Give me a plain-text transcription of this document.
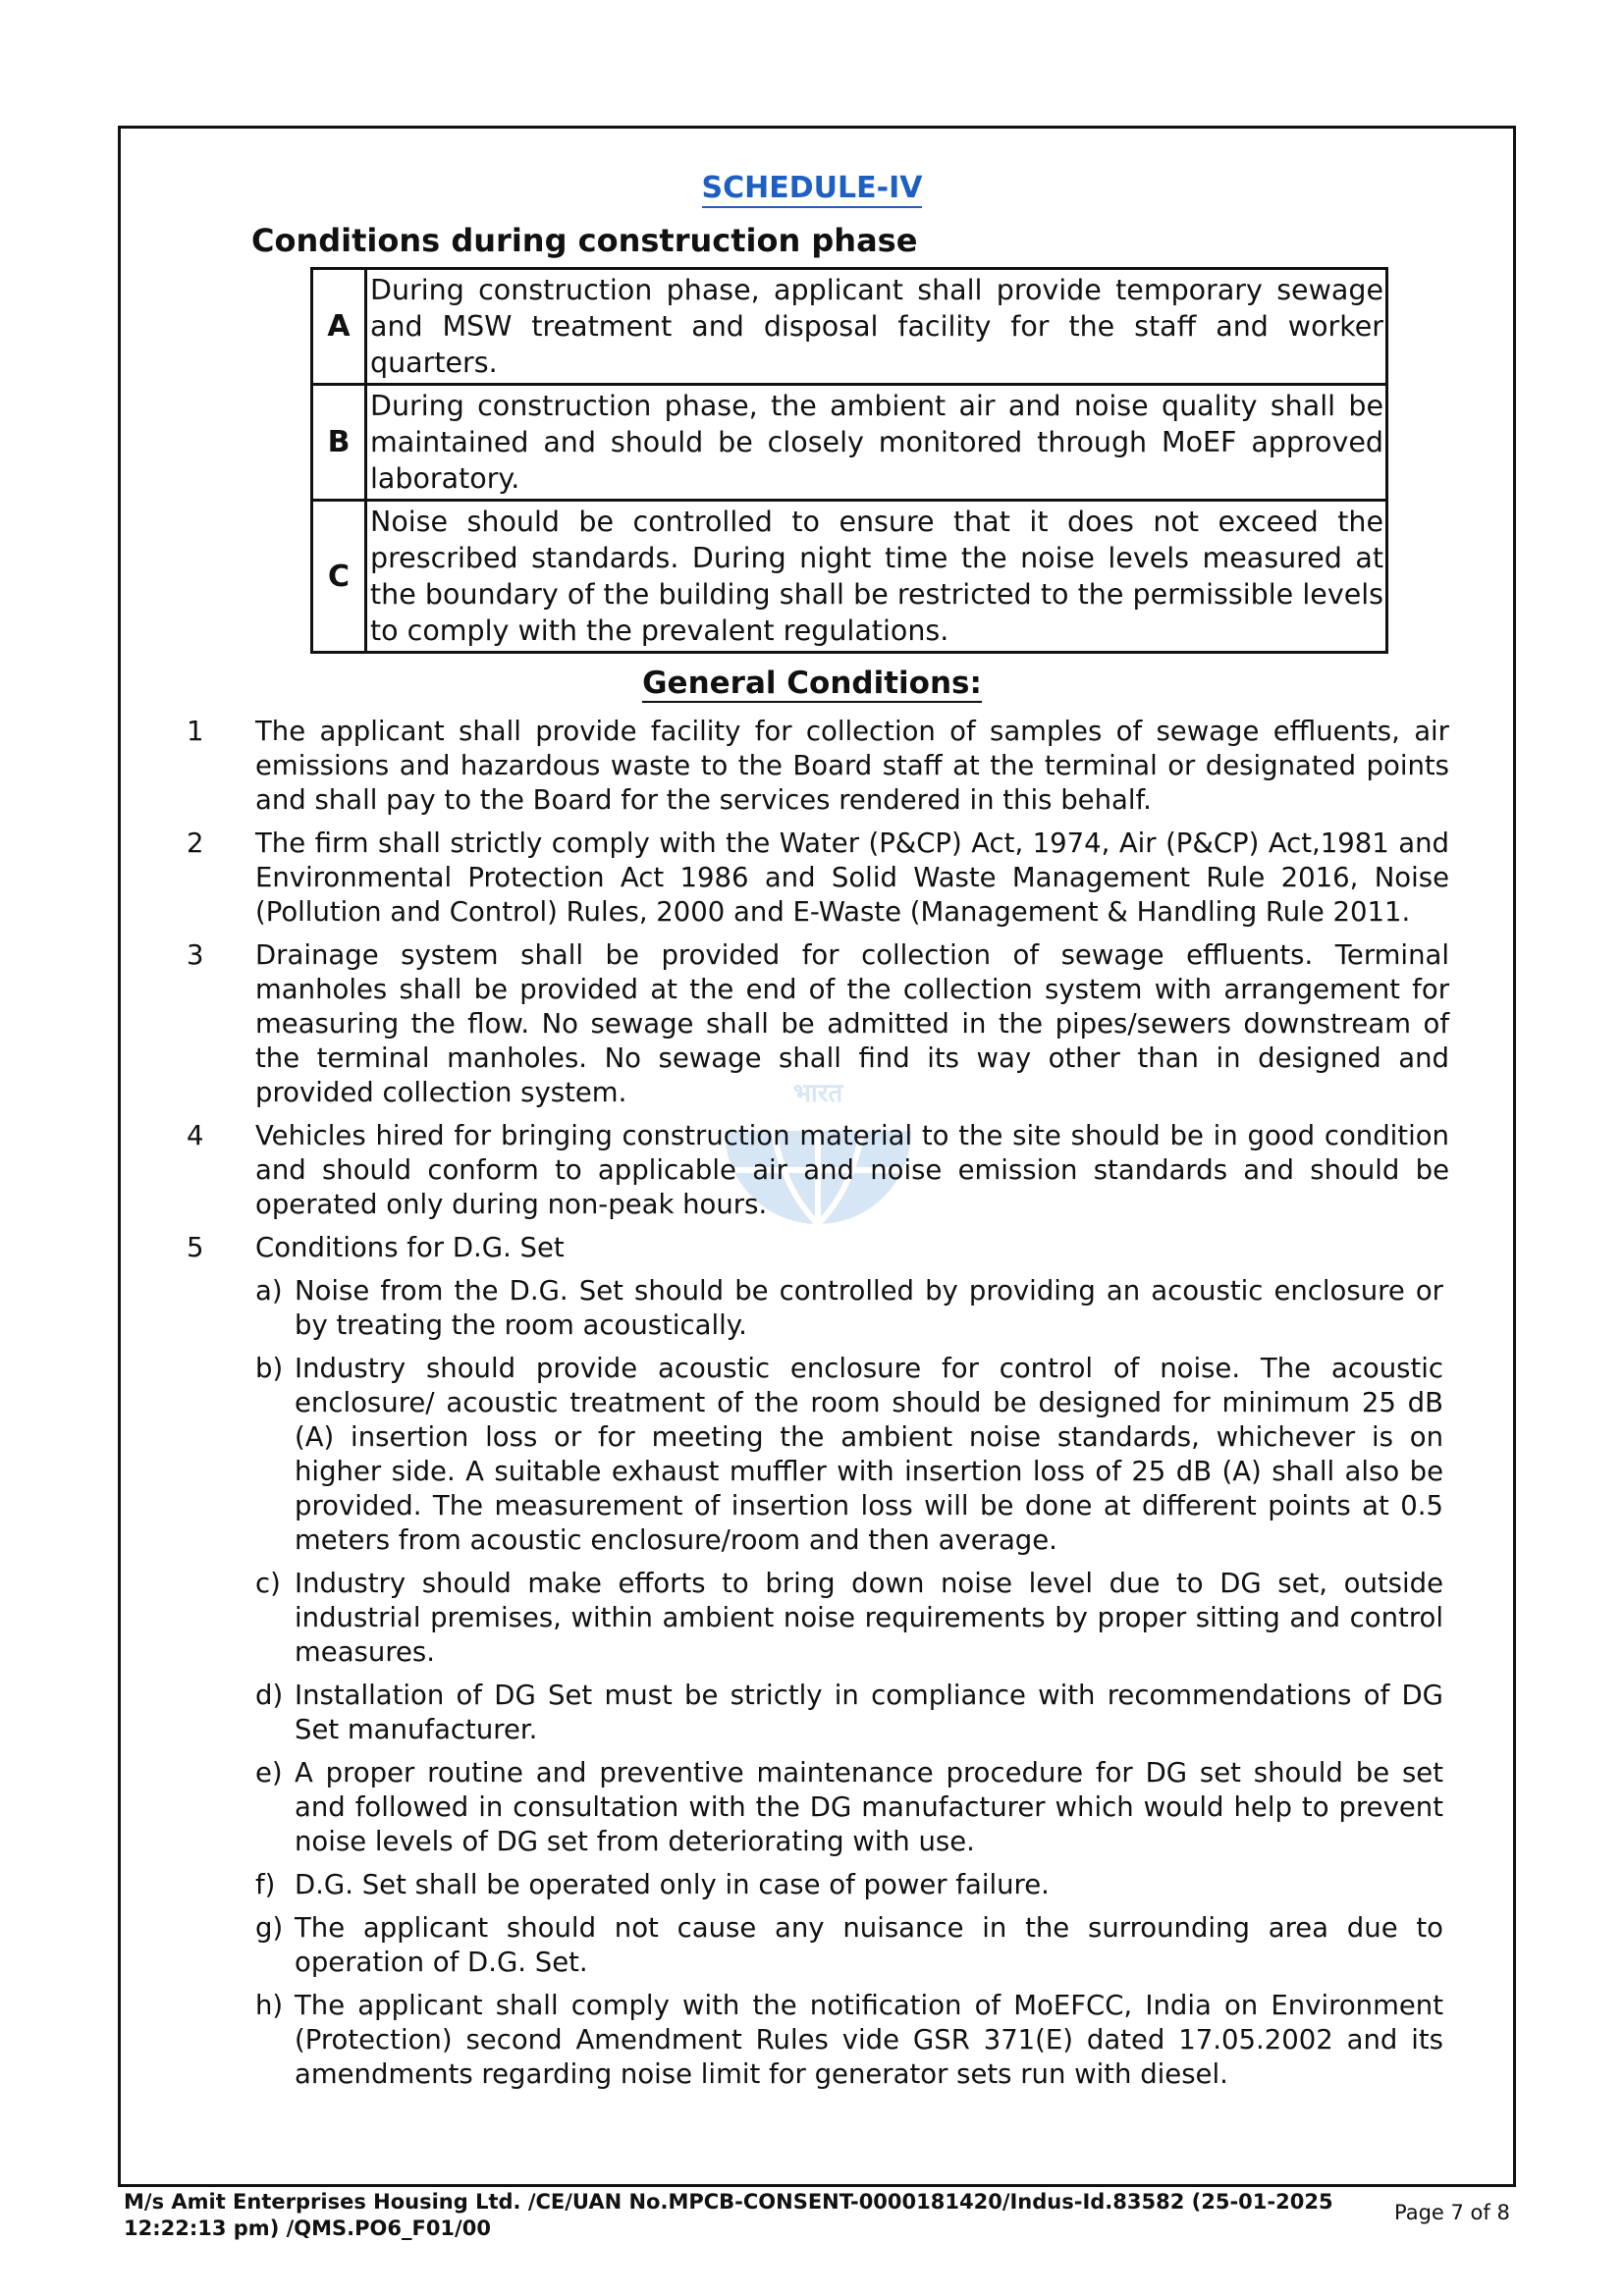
SCHEDULE-IV
Conditions during construction phase
A	During construction phase, applicant shall provide temporary sewage and MSW treatment and disposal facility for the staff and worker quarters.
B	During construction phase, the ambient air and noise quality shall be maintained and should be closely monitored through MoEF approved laboratory.
C	Noise should be controlled to ensure that it does not exceed the prescribed standards. During night time the noise levels measured at the boundary of the building shall be restricted to the permissible levels to comply with the prevalent regulations.
General Conditions:
भारत
1	The applicant shall provide facility for collection of samples of sewage effluents, air emissions and hazardous waste to the Board staff at the terminal or designated points and shall pay to the Board for the services rendered in this behalf.
2	The firm shall strictly comply with the Water (P&CP) Act, 1974, Air (P&CP) Act,1981 and Environmental Protection Act 1986 and Solid Waste Management Rule 2016, Noise (Pollution and Control) Rules, 2000 and E-Waste (Management & Handling Rule 2011.
3	Drainage system shall be provided for collection of sewage effluents. Terminal manholes shall be provided at the end of the collection system with arrangement for measuring the flow. No sewage shall be admitted in the pipes/sewers downstream of the terminal manholes. No sewage shall find its way other than in designed and provided collection system.
4	Vehicles hired for bringing construction material to the site should be in good condition and should conform to applicable air and noise emission standards and should be operated only during non-peak hours.
5	Conditions for D.G. Set
a) Noise from the D.G. Set should be controlled by providing an acoustic enclosure or by treating the room acoustically.
b) Industry should provide acoustic enclosure for control of noise. The acoustic enclosure/ acoustic treatment of the room should be designed for minimum 25 dB (A) insertion loss or for meeting the ambient noise standards, whichever is on higher side. A suitable exhaust muffler with insertion loss of 25 dB (A) shall also be provided. The measurement of insertion loss will be done at different points at 0.5 meters from acoustic enclosure/room and then average.
c) Industry should make efforts to bring down noise level due to DG set, outside industrial premises, within ambient noise requirements by proper sitting and control measures.
d) Installation of DG Set must be strictly in compliance with recommendations of DG Set manufacturer.
e) A proper routine and preventive maintenance procedure for DG set should be set and followed in consultation with the DG manufacturer which would help to prevent noise levels of DG set from deteriorating with use.
f) D.G. Set shall be operated only in case of power failure.
g) The applicant should not cause any nuisance in the surrounding area due to operation of D.G. Set.
h) The applicant shall comply with the notification of MoEFCC, India on Environment (Protection) second Amendment Rules vide GSR 371(E) dated 17.05.2002 and its amendments regarding noise limit for generator sets run with diesel.
M/s Amit Enterprises Housing Ltd. /CE/UAN No.MPCB-CONSENT-0000181420/Indus-Id.83582 (25-01-2025
12:22:13 pm) /QMS.PO6_F01/00
Page 7 of 8
